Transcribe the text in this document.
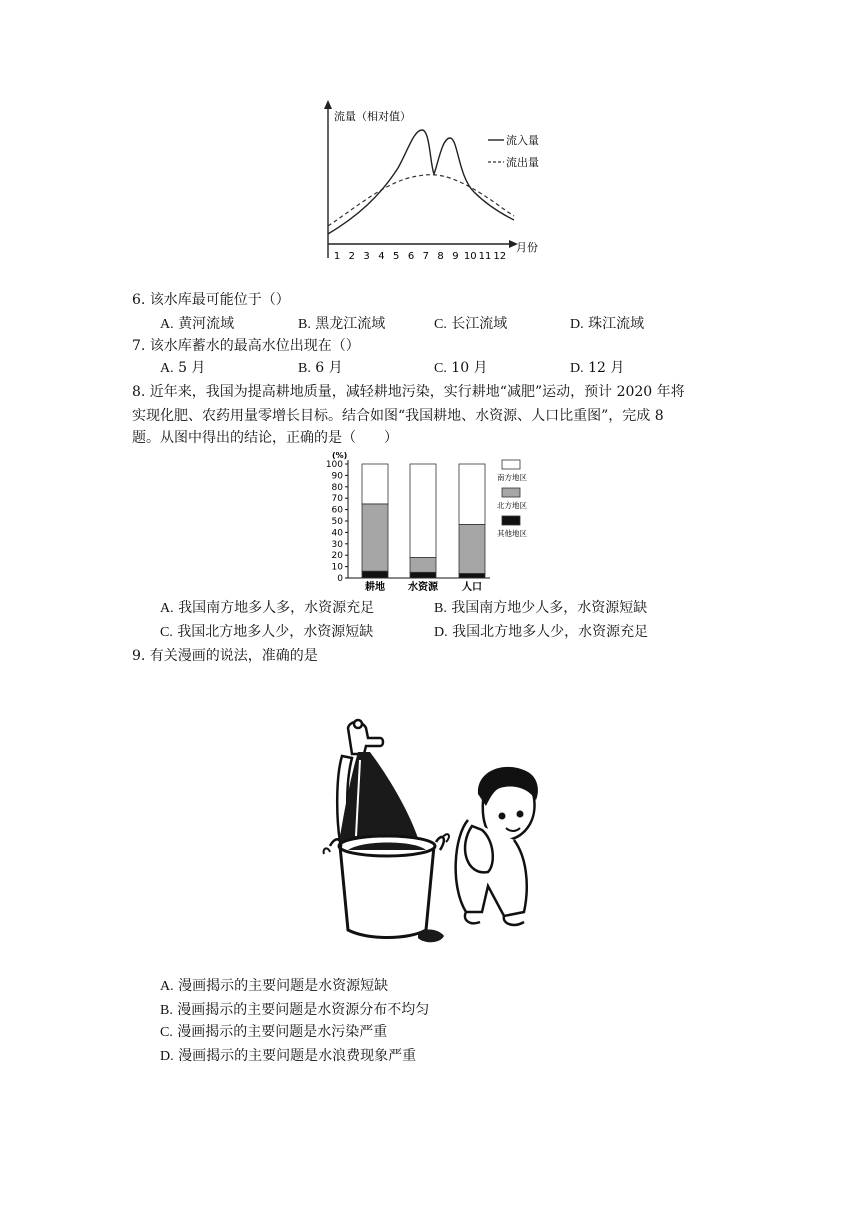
流量（相对值）
月份
流入量
流出量
1 2 3 4 5 6 7 8 9 10 11 12
6. 该水库最可能位于（）
A. 黄河流域	B. 黑龙江流域	C. 长江流域	D. 珠江流域
7. 该水库蓄水的最高水位出现在（）
A. 5 月	B. 6 月	C. 10 月	D. 12 月
8. 近年来，我国为提高耕地质量，减轻耕地污染，实行耕地“减肥”运动，预计 2020 年将
实现化肥、农药用量零增长目标。结合如图“我国耕地、水资源、人口比重图”，完成 8
题。从图中得出的结论，正确的是（　　）
(%)
0
10
20
30
40
50
60
70
80
90
100
耕地 水资源 人口
南方地区
北方地区
其他地区
A. 我国南方地多人多，水资源充足	B. 我国南方地少人多，水资源短缺
C. 我国北方地多人少，水资源短缺	D. 我国北方地多人少，水资源充足
9. 有关漫画的说法，准确的是
A. 漫画揭示的主要问题是水资源短缺
B. 漫画揭示的主要问题是水资源分布不均匀
C. 漫画揭示的主要问题是水污染严重
D. 漫画揭示的主要问题是水浪费现象严重
